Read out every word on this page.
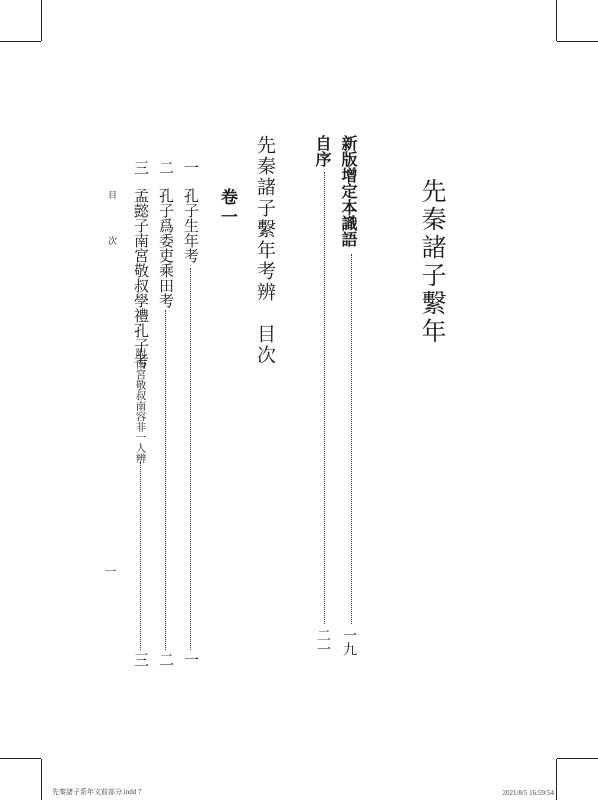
先秦諸子繫年
新版增定本識語
一九
自序
二一
先秦諸子繫年考辨　目次
卷一
一
孔子生年考
一
二
孔子爲委吏乘田考
二
三
孟懿子南宮敬叔學禮孔子考
附南宮敬叔南容非一人辨
三
目　次
一
先秦諸子系年文前部分.indd 7	2021/8/5 16:59:54
